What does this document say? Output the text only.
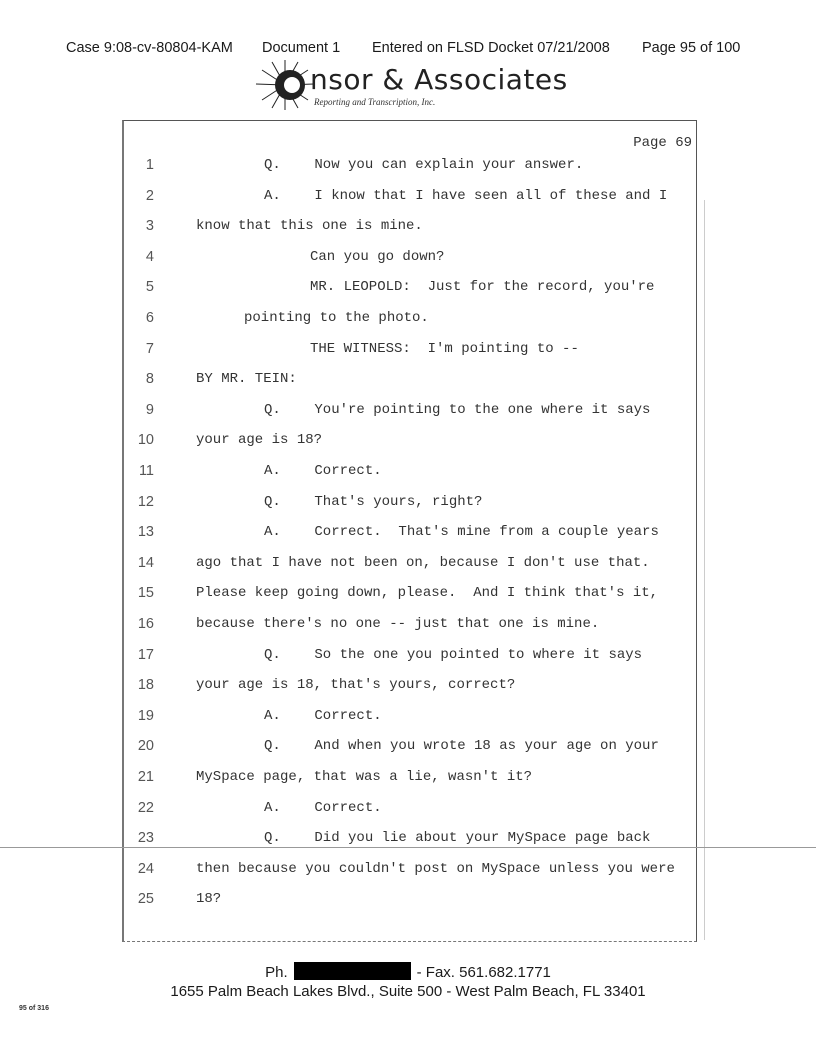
Case 9:08-cv-80804-KAM Document 1 Entered on FLSD Docket 07/21/2008 Page 95 of 100
nsor & Associates
Reporting and Transcription, Inc.
Page 69
1	Q.    Now you can explain your answer.
2	A.    I know that I have seen all of these and I
3	know that this one is mine.
4	Can you go down?
5	MR. LEOPOLD:  Just for the record, you're
6	pointing to the photo.
7	THE WITNESS:  I'm pointing to --
8	BY MR. TEIN:
9	Q.    You're pointing to the one where it says
10	your age is 18?
11	A.    Correct.
12	Q.    That's yours, right?
13	A.    Correct.  That's mine from a couple years
14	ago that I have not been on, because I don't use that.
15	Please keep going down, please.  And I think that's it,
16	because there's no one -- just that one is mine.
17	Q.    So the one you pointed to where it says
18	your age is 18, that's yours, correct?
19	A.    Correct.
20	Q.    And when you wrote 18 as your age on your
21	MySpace page, that was a lie, wasn't it?
22	A.    Correct.
23	Q.    Did you lie about your MySpace page back
24	then because you couldn't post on MySpace unless you were
25	18?
Ph.	- Fax. 561.682.1771
1655 Palm Beach Lakes Blvd., Suite 500 - West Palm Beach, FL 33401
95 of 316
